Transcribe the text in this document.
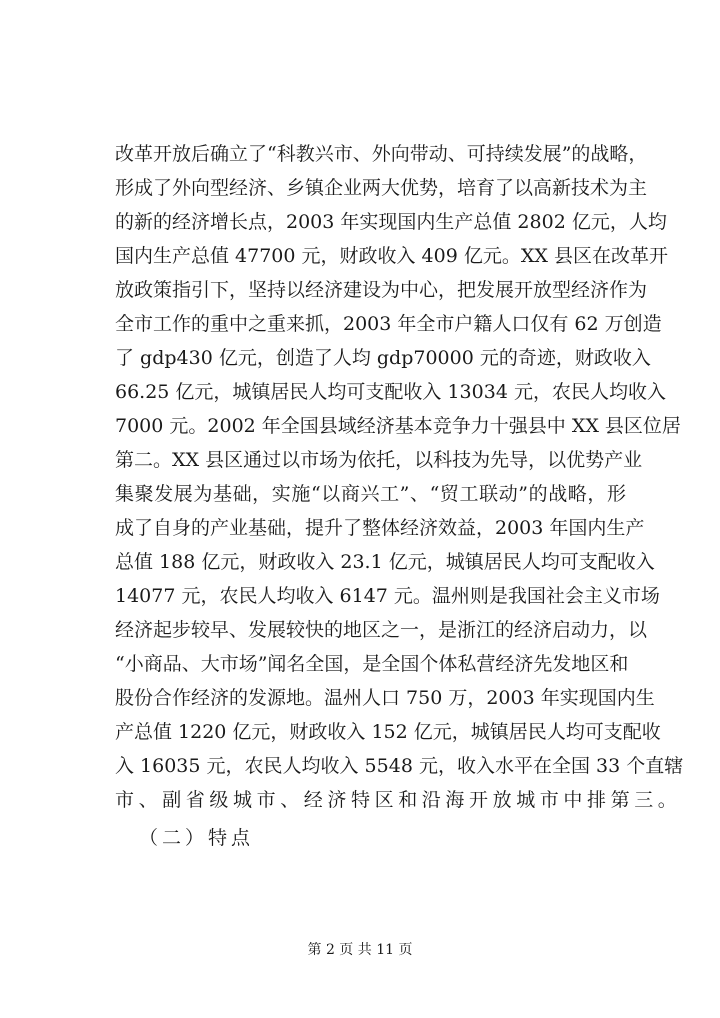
改革开放后确立了“科教兴市、外向带动、可持续发展”的战略，
形成了外向型经济、乡镇企业两大优势，培育了以高新技术为主
的新的经济增长点，2003 年实现国内生产总值 2802 亿元，人均
国内生产总值 47700 元，财政收入 409 亿元。XX 县区在改革开
放政策指引下，坚持以经济建设为中心，把发展开放型经济作为
全市工作的重中之重来抓，2003 年全市户籍人口仅有 62 万创造
了 gdp430 亿元，创造了人均 gdp70000 元的奇迹，财政收入
66.25 亿元，城镇居民人均可支配收入 13034 元，农民人均收入
7000 元。2002 年全国县域经济基本竞争力十强县中 XX 县区位居
第二。XX 县区通过以市场为依托，以科技为先导，以优势产业
集聚发展为基础，实施“以商兴工”、“贸工联动”的战略，形
成了自身的产业基础，提升了整体经济效益，2003 年国内生产
总值 188 亿元，财政收入 23.1 亿元，城镇居民人均可支配收入
14077 元，农民人均收入 6147 元。温州则是我国社会主义市场
经济起步较早、发展较快的地区之一，是浙江的经济启动力，以
“小商品、大市场”闻名全国，是全国个体私营经济先发地区和
股份合作经济的发源地。温州人口 750 万，2003 年实现国内生
产总值 1220 亿元，财政收入 152 亿元，城镇居民人均可支配收
入 16035 元，农民人均收入 5548 元，收入水平在全国 33 个直辖
市、副省级城市、经济特区和沿海开放城市中排第三。
（二）特点
第 2 页 共 11 页
